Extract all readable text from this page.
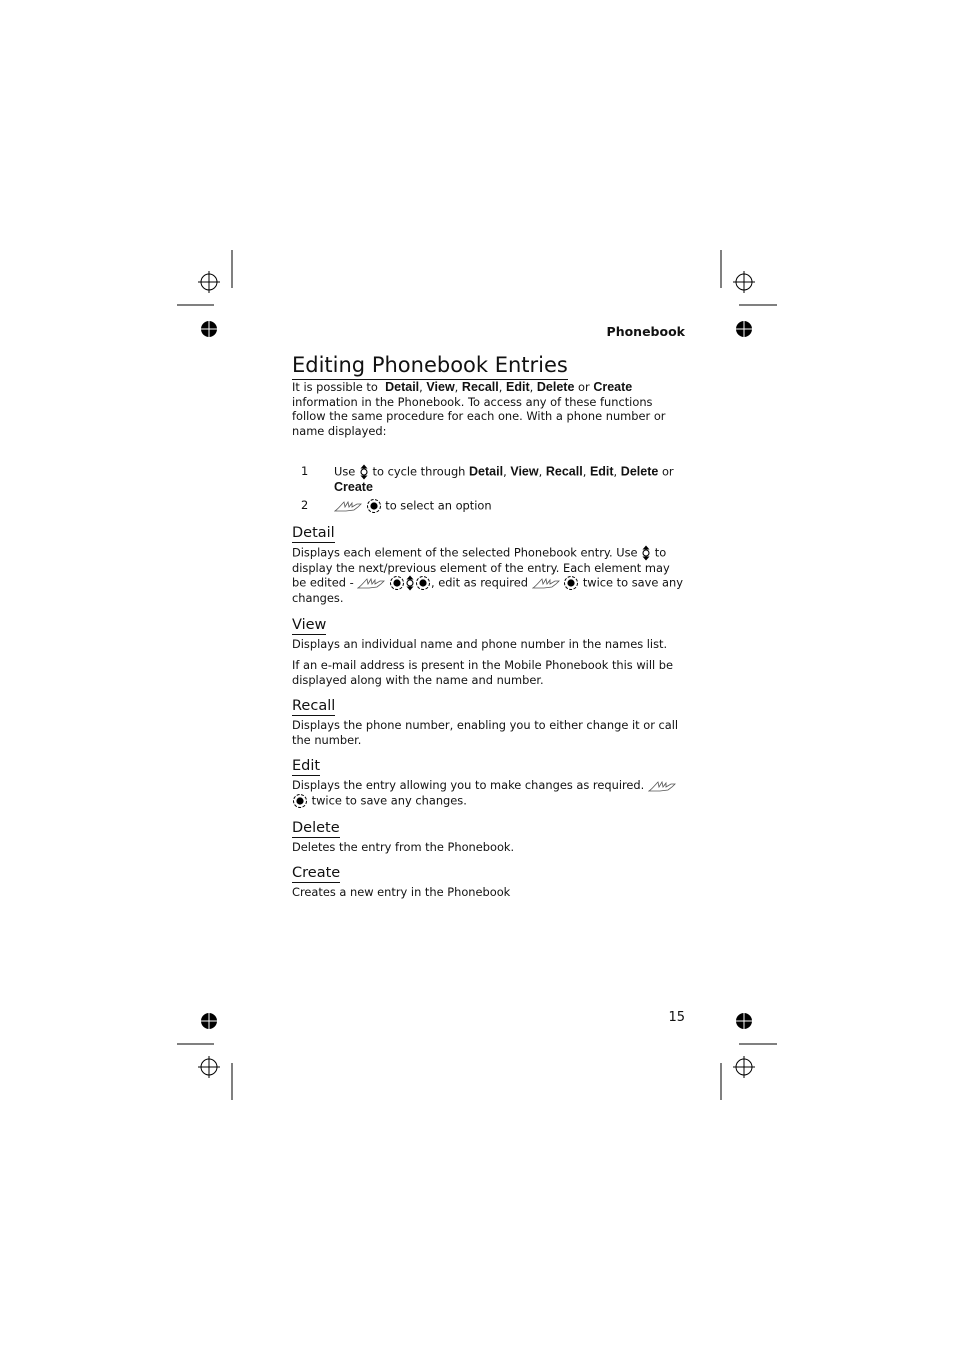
Phonebook
15
Editing Phonebook Entries

It is possible to Detail, View, Recall, Edit, Delete or Create information in the Phonebook. To access any of these functions follow the same procedure for each one. With a phone number or name displayed:

1 Use to cycle through Detail, View, Recall, Edit, Delete or Create
2
	to select an option
Detail

Displays each element of the selected Phonebook entry. Use to display the next/previous element of the entry. Each element may be edited -
	, edit as required
	twice to save any changes.

View

Displays an individual name and phone number in the names list.

If an e-mail address is present in the Mobile Phonebook this will be displayed along with the name and number.

Recall

Displays the phone number, enabling you to either change it or call the number.

Edit

Displays the entry allowing you to make changes as required.

twice to save any changes.

Delete

Deletes the entry from the Phonebook.

Create

Creates a new entry in the Phonebook
